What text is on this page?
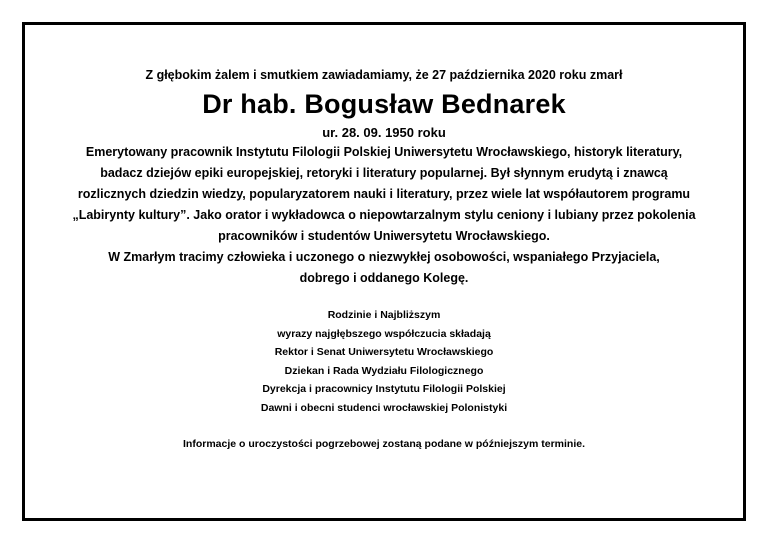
Z głębokim żalem i smutkiem zawiadamiamy, że 27 października 2020 roku zmarł

Dr hab. Bogusław Bednarek

ur. 28. 09. 1950 roku

Emerytowany pracownik Instytutu Filologii Polskiej Uniwersytetu Wrocławskiego, historyk literatury,
badacz dziejów epiki europejskiej, retoryki i literatury popularnej. Był słynnym erudytą i znawcą
rozlicznych dziedzin wiedzy, popularyzatorem nauki i literatury, przez wiele lat współautorem programu
„Labirynty kultury”. Jako orator i wykładowca o niepowtarzalnym stylu ceniony i lubiany przez pokolenia
pracowników i studentów Uniwersytetu Wrocławskiego.
W Zmarłym tracimy człowieka i uczonego o niezwykłej osobowości, wspaniałego Przyjaciela,
dobrego i oddanego Kolegę.
Rodzinie i Najbliższym
wyrazy najgłębszego współczucia składają
Rektor i Senat Uniwersytetu Wrocławskiego
Dziekan i Rada Wydziału Filologicznego
Dyrekcja i pracownicy Instytutu Filologii Polskiej
Dawni i obecni studenci wrocławskiej Polonistyki

Informacje o uroczystości pogrzebowej zostaną podane w późniejszym terminie.
